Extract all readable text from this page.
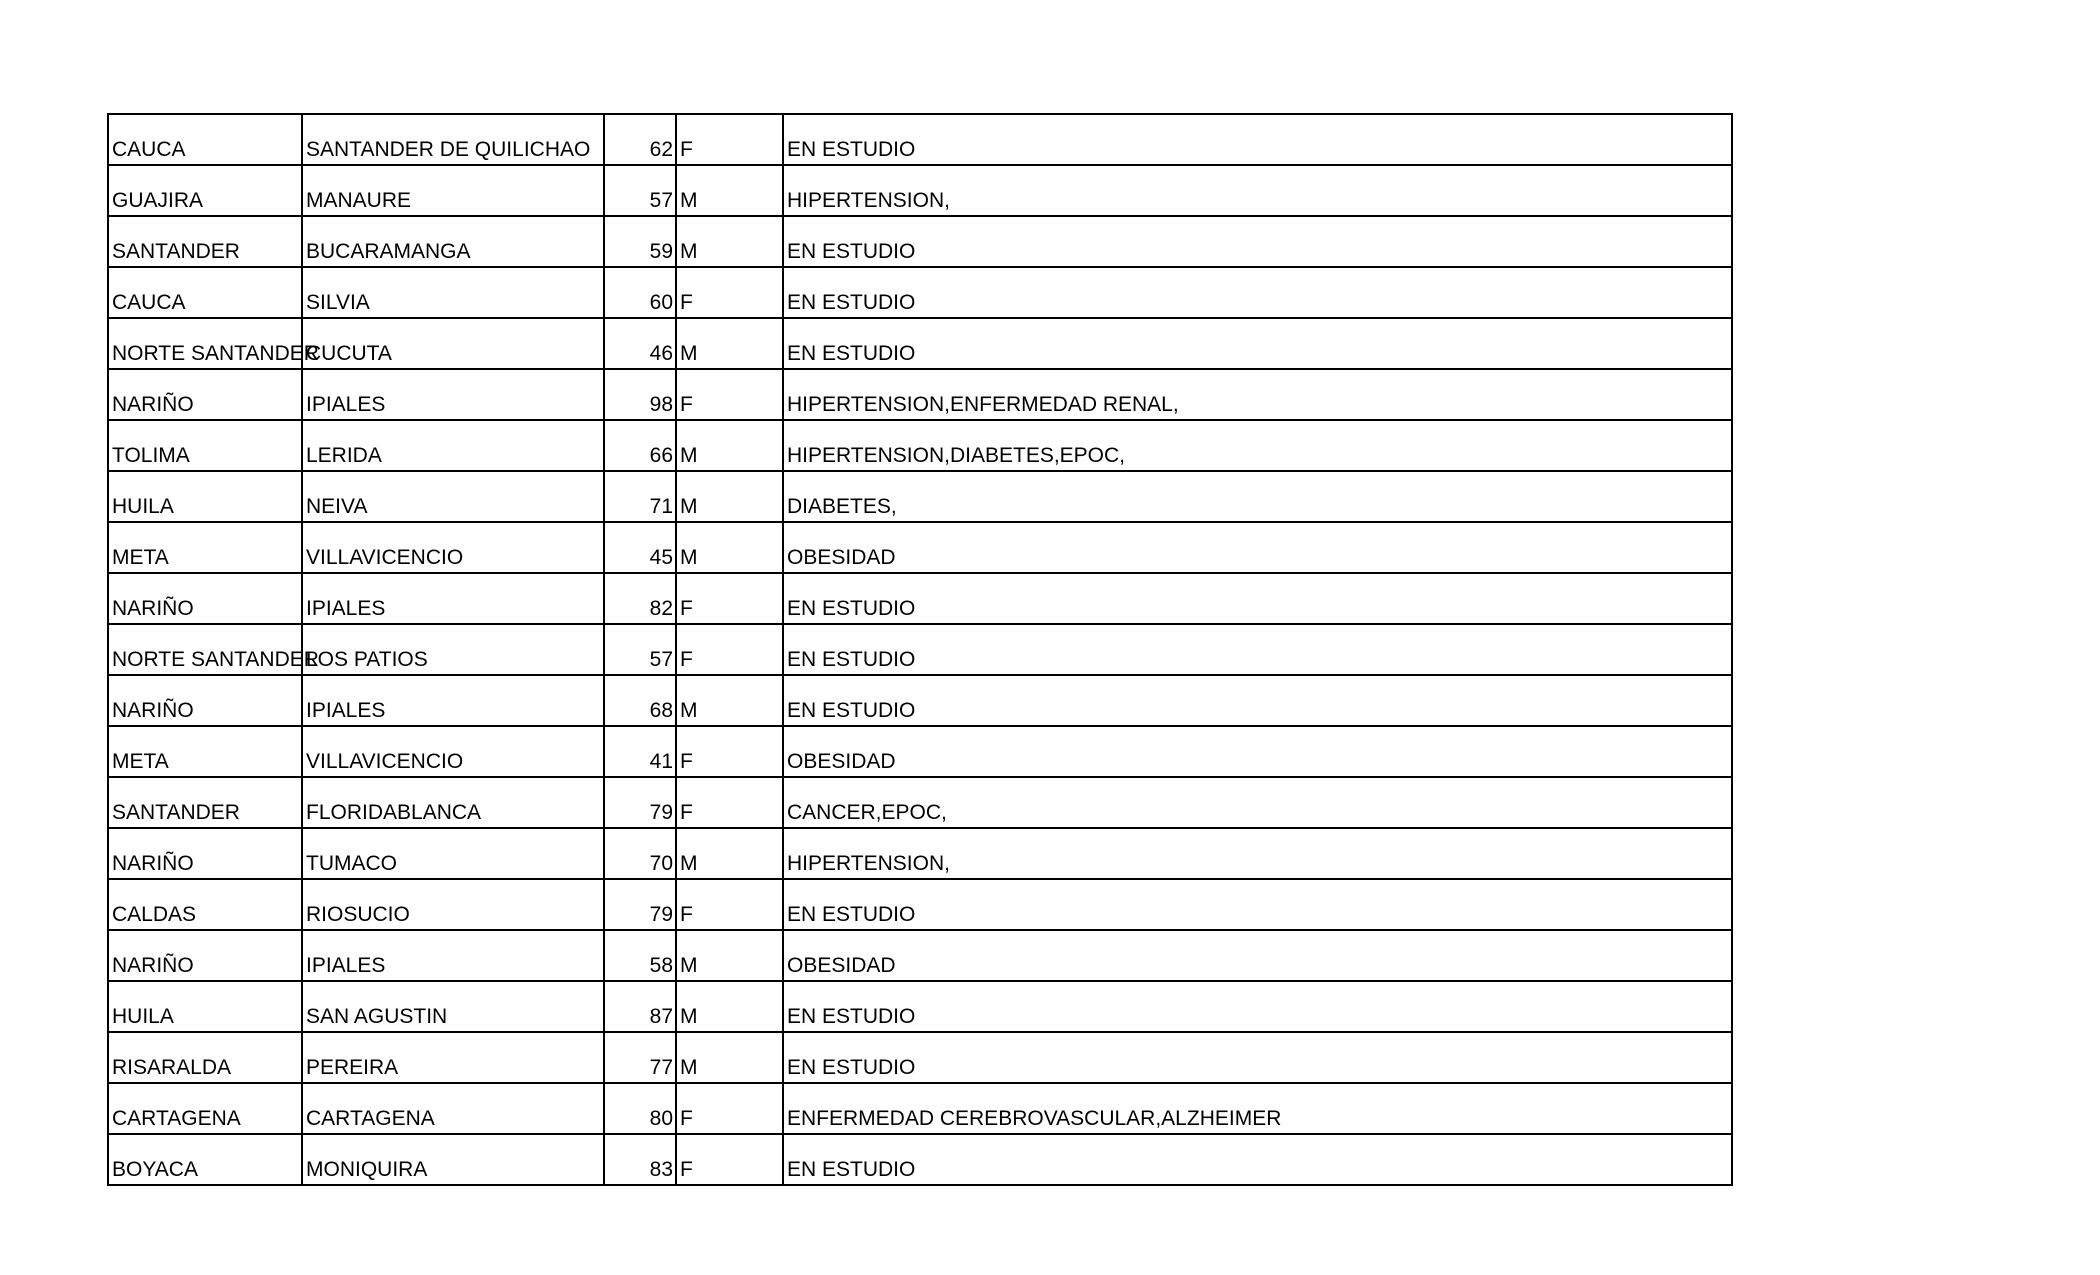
CAUCA	SANTANDER DE QUILICHAO	62	F	EN ESTUDIO
GUAJIRA	MANAURE	57	M	HIPERTENSION,
SANTANDER	BUCARAMANGA	59	M	EN ESTUDIO
CAUCA	SILVIA	60	F	EN ESTUDIO
NORTE SANTANDER	CUCUTA	46	M	EN ESTUDIO
NARIÑO	IPIALES	98	F	HIPERTENSION,ENFERMEDAD RENAL,
TOLIMA	LERIDA	66	M	HIPERTENSION,DIABETES,EPOC,
HUILA	NEIVA	71	M	DIABETES,
META	VILLAVICENCIO	45	M	OBESIDAD
NARIÑO	IPIALES	82	F	EN ESTUDIO
NORTE SANTANDER	LOS PATIOS	57	F	EN ESTUDIO
NARIÑO	IPIALES	68	M	EN ESTUDIO
META	VILLAVICENCIO	41	F	OBESIDAD
SANTANDER	FLORIDABLANCA	79	F	CANCER,EPOC,
NARIÑO	TUMACO	70	M	HIPERTENSION,
CALDAS	RIOSUCIO	79	F	EN ESTUDIO
NARIÑO	IPIALES	58	M	OBESIDAD
HUILA	SAN AGUSTIN	87	M	EN ESTUDIO
RISARALDA	PEREIRA	77	M	EN ESTUDIO
CARTAGENA	CARTAGENA	80	F	ENFERMEDAD CEREBROVASCULAR,ALZHEIMER
BOYACA	MONIQUIRA	83	F	EN ESTUDIO
